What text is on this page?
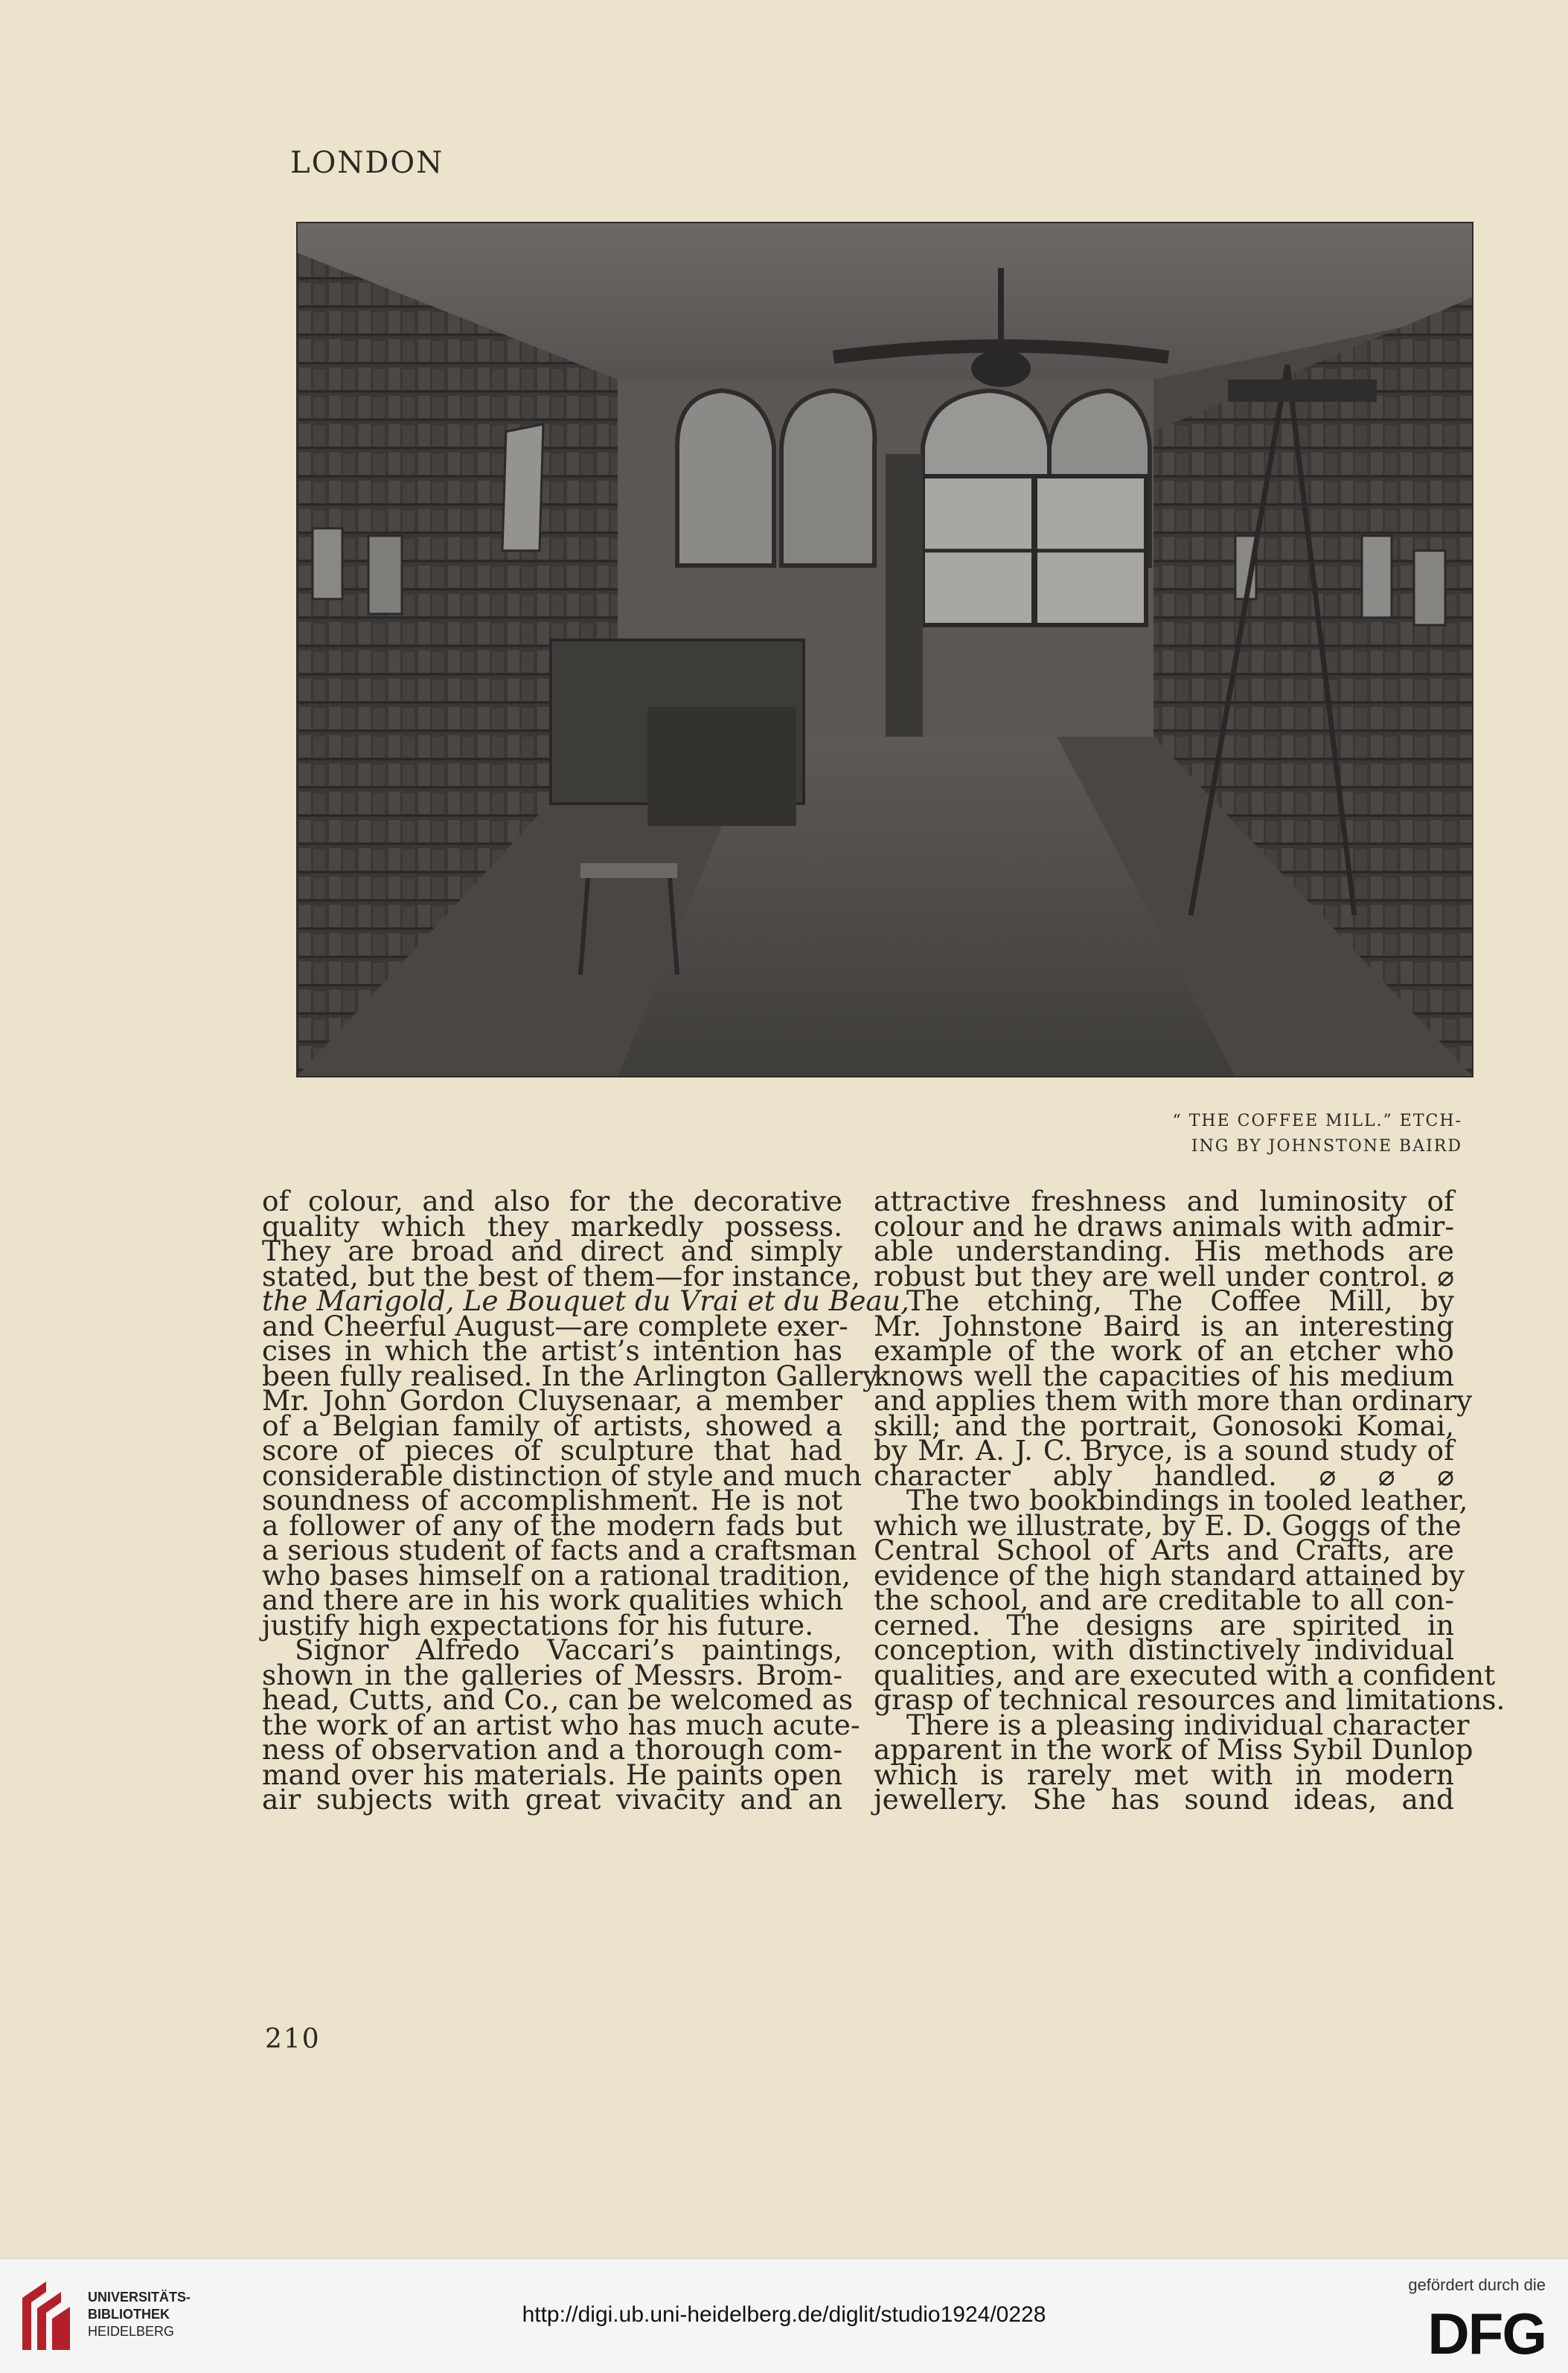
LONDON
“ THE COFFEE MILL.” ETCH-
ING BY JOHNSTONE BAIRD
of colour, and also for the decorative
quality which they markedly possess.
They are broad and direct and simply
stated, but the best of them—for instance,
the Marigold, Le Bouquet du Vrai et du Beau,
and Cheerful August—are complete exer-
cises in which the artist’s intention has
been fully realised. In the Arlington Gallery
Mr. John Gordon Cluysenaar, a member
of a Belgian family of artists, showed a
score of pieces of sculpture that had
considerable distinction of style and much
soundness of accomplishment. He is not
a follower of any of the modern fads but
a serious student of facts and a craftsman
who bases himself on a rational tradition,
and there are in his work qualities which
justify high expectations for his future.
Signor Alfredo Vaccari’s paintings,
shown in the galleries of Messrs. Brom-
head, Cutts, and Co., can be welcomed as
the work of an artist who has much acute-
ness of observation and a thorough com-
mand over his materials. He paints open
air subjects with great vivacity and an
attractive freshness and luminosity of
colour and he draws animals with admir-
able understanding. His methods are
robust but they are well under control. ⌀
The etching, The Coffee Mill, by
Mr. Johnstone Baird is an interesting
example of the work of an etcher who
knows well the capacities of his medium
and applies them with more than ordinary
skill; and the portrait, Gonosoki Komai,
by Mr. A. J. C. Bryce, is a sound study of
character ably handled. ⌀ ⌀ ⌀
The two bookbindings in tooled leather,
which we illustrate, by E. D. Goggs of the
Central School of Arts and Crafts, are
evidence of the high standard attained by
the school, and are creditable to all con-
cerned. The designs are spirited in
conception, with distinctively individual
qualities, and are executed with a confident
grasp of technical resources and limitations.
There is a pleasing individual character
apparent in the work of Miss Sybil Dunlop
which is rarely met with in modern
jewellery. She has sound ideas, and
210
UNIVERSITÄTS-
BIBLIOTHEK
HEIDELBERG
http://digi.ub.uni-heidelberg.de/diglit/studio1924/0228
gefördert durch die
DFG
